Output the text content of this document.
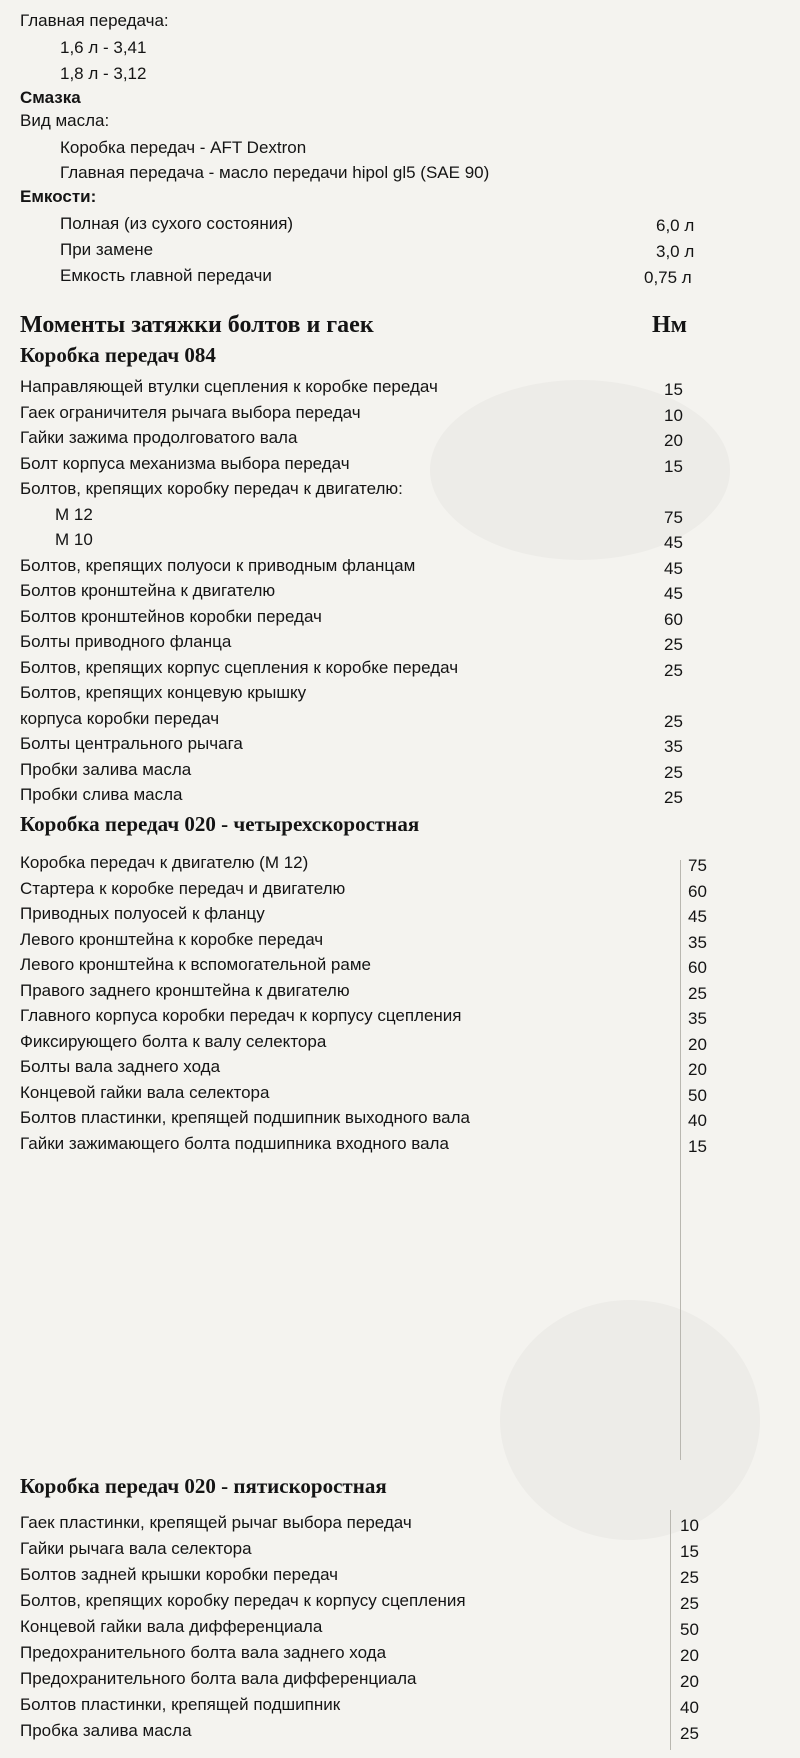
Главная передача:
1,6 л - 3,41
1,8 л - 3,12
Смазка
Вид масла:
Коробка передач - AFT Dextron
Главная передача - масло передачи hipol gl5 (SAE 90)
Емкости:
Полная (из сухого состояния)	6,0 л
При замене	3,0 л
Емкость главной передачи	0,75 л
Моменты затяжки болтов и гаек	Нм
Коробка передач 084
Направляющей втулки сцепления к коробке передач	15
Гаек ограничителя рычага выбора передач	10
Гайки зажима продолговатого вала	20
Болт корпуса механизма выбора передач	15
Болтов, крепящих коробку передач к двигателю:
М 12	75
М 10	45
Болтов, крепящих полуоси к приводным фланцам	45
Болтов кронштейна к двигателю	45
Болтов кронштейнов коробки передач	60
Болты приводного фланца	25
Болтов, крепящих корпус сцепления к коробке передач	25
Болтов, крепящих концевую крышку
корпуса коробки передач	25
Болты центрального рычага	35
Пробки залива масла	25
Пробки слива масла	25
Коробка передач 020 - четырехскоростная
Коробка передач к двигателю (М 12)	75
Стартера к коробке передач и двигателю	60
Приводных полуосей к фланцу	45
Левого кронштейна к коробке передач	35
Левого кронштейна к вспомогательной раме	60
Правого заднего кронштейна к двигателю	25
Главного корпуса коробки передач к корпусу сцепления	35
Фиксирующего болта к валу селектора	20
Болты вала заднего хода	20
Концевой гайки вала селектора	50
Болтов пластинки, крепящей подшипник выходного вала	40
Гайки зажимающего болта подшипника входного вала	15
Коробка передач 020 - пятискоростная
Гаек пластинки, крепящей рычаг выбора передач	10
Гайки рычага вала селектора	15
Болтов задней крышки коробки передач	25
Болтов, крепящих коробку передач к корпусу сцепления	25
Концевой гайки вала дифференциала	50
Предохранительного болта вала заднего хода	20
Предохранительного болта вала дифференциала	20
Болтов пластинки, крепящей подшипник	40
Пробка залива масла	25
